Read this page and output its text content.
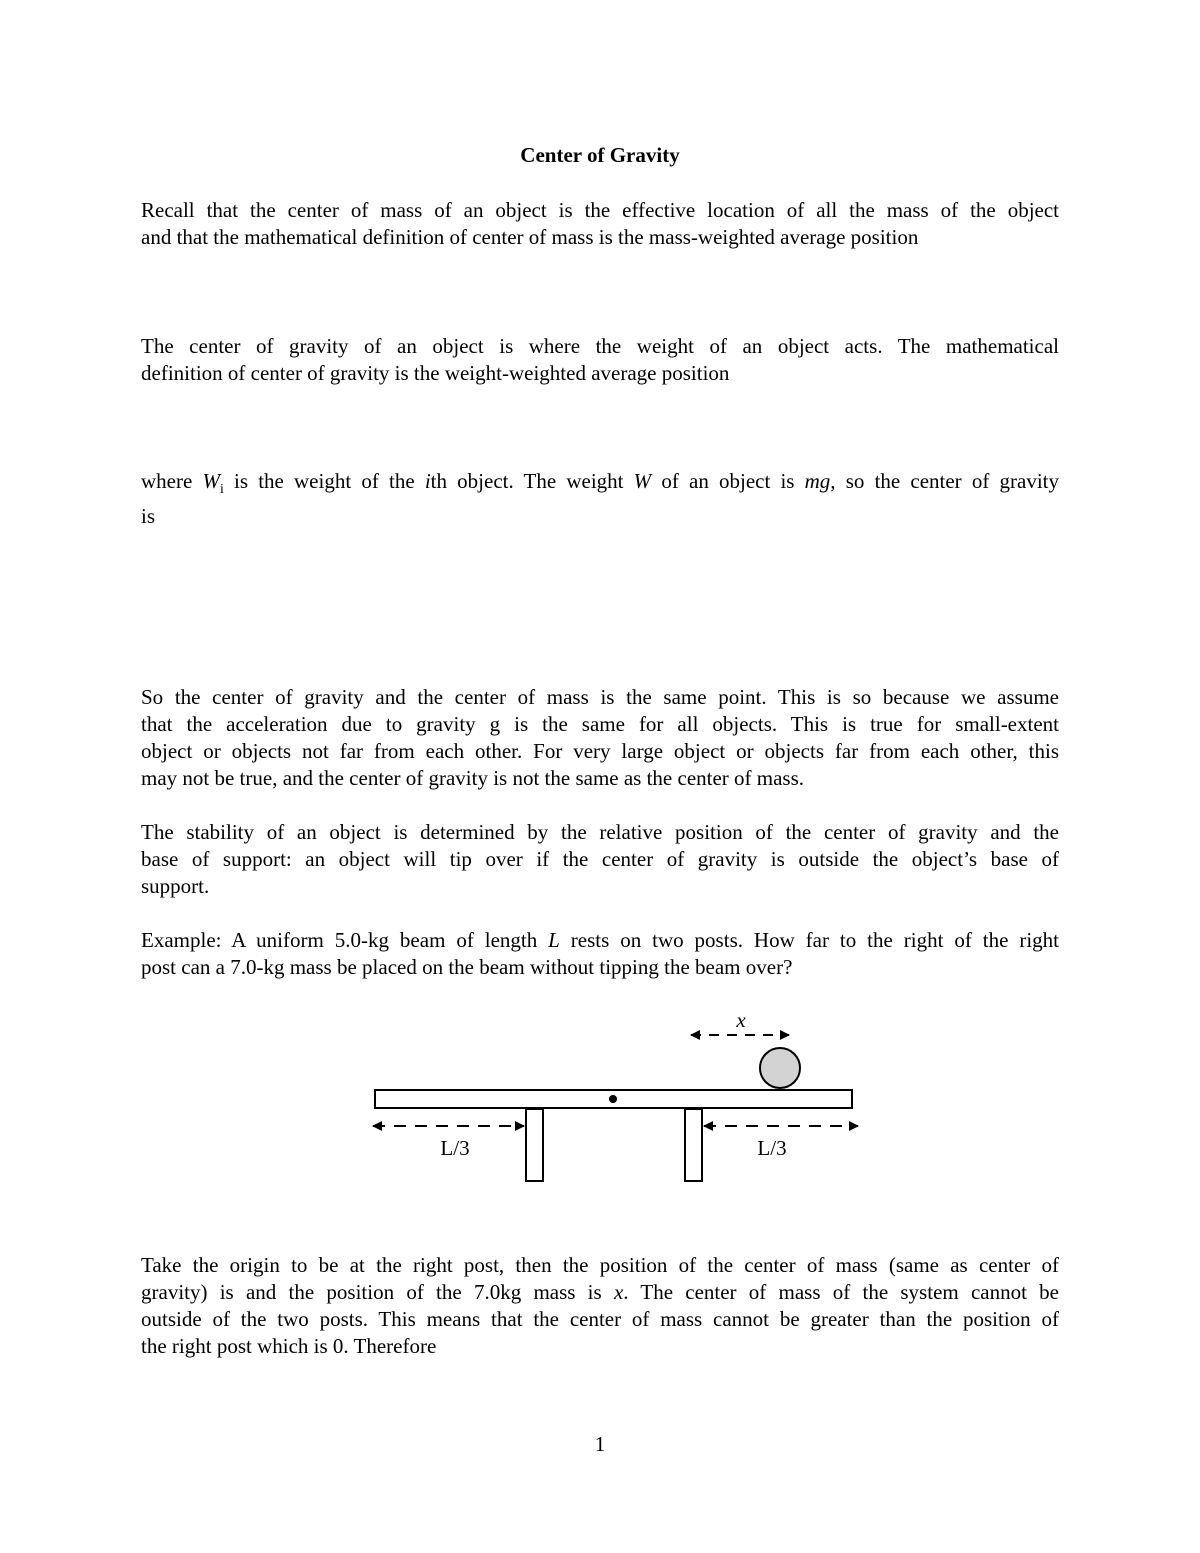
Center of Gravity
Recall that the center of mass of an object is the effective location of all the mass of the object
and that the mathematical definition of center of mass is the mass-weighted average position
The center of gravity of an object is where the weight of an object acts. The mathematical
definition of center of gravity is the weight-weighted average position
where $W_i$ is the weight of the ith object. The weight W of an object is mg, so the center of gravity
is
So the center of gravity and the center of mass is the same point. This is so because we assume
that the acceleration due to gravity g is the same for all objects. This is true for small-extent
object or objects not far from each other. For very large object or objects far from each other, this
may not be true, and the center of gravity is not the same as the center of mass.
The stability of an object is determined by the relative position of the center of gravity and the
base of support: an object will tip over if the center of gravity is outside the object’s base of
support.
Example: A uniform 5.0-kg beam of length L rests on two posts. How far to the right of the right
post can a 7.0-kg mass be placed on the beam without tipping the beam over?
x
L/3	L/3
Take the origin to be at the right post, then the position of the center of mass (same as center of
gravity) is and the position of the 7.0kg mass is x. The center of mass of the system cannot be
outside of the two posts. This means that the center of mass cannot be greater than the position of
the right post which is 0. Therefore
1
